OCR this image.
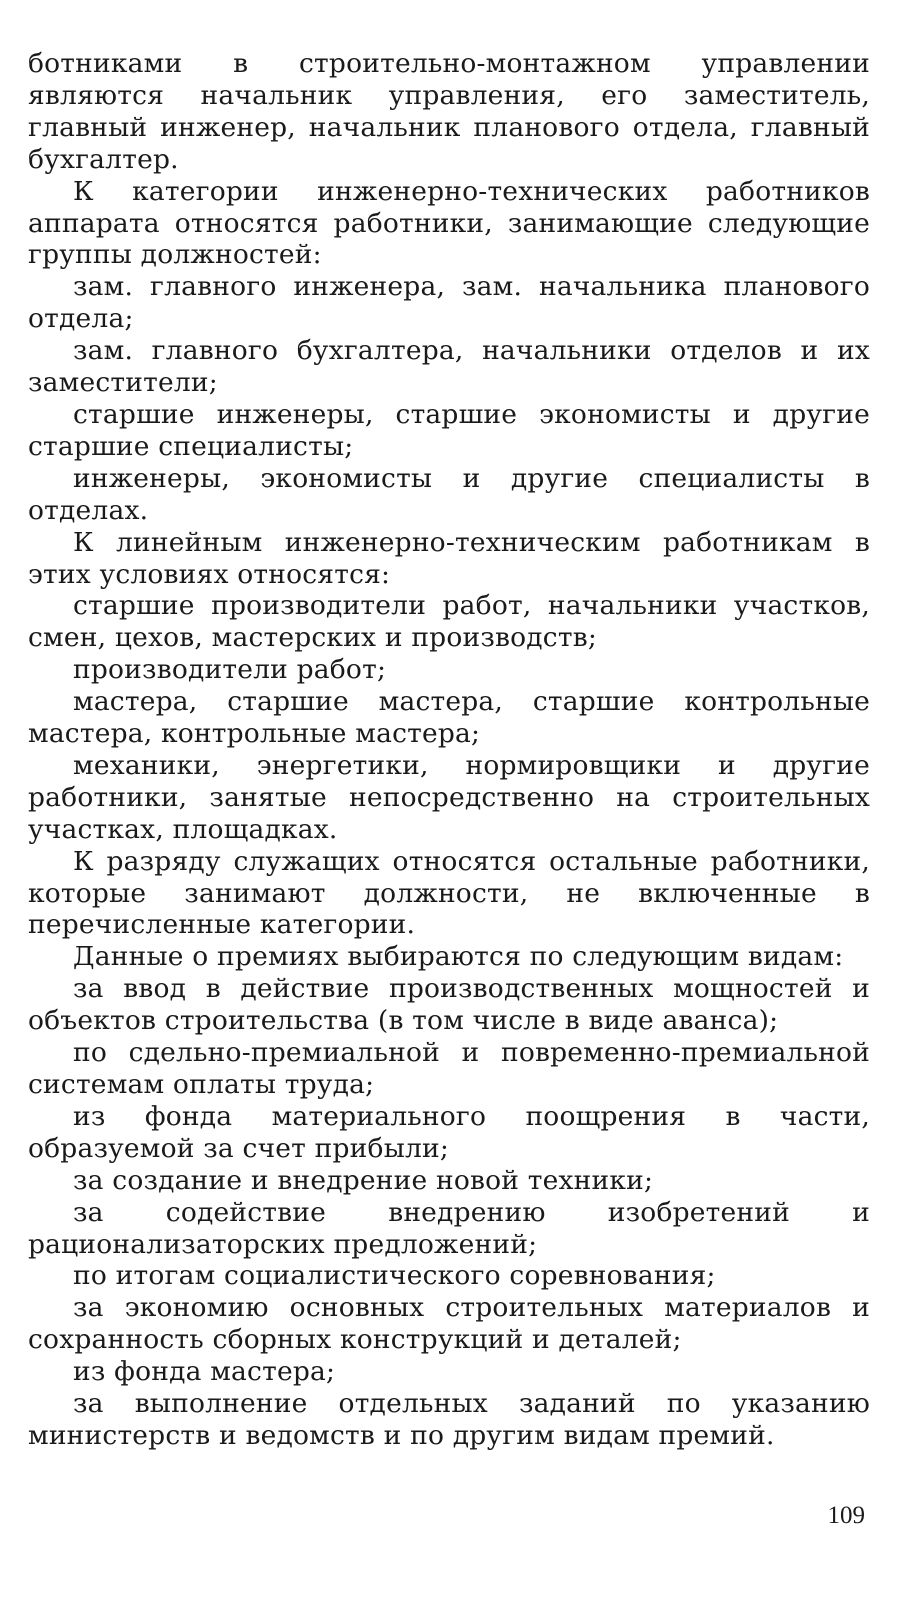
ботниками в строительно-монтажном управлении являются начальник управления, его заместитель, главный инженер, начальник планового отдела, главный бухгалтер.

К категории инженерно-технических работников аппарата относятся работники, занимающие следующие группы должностей:

зам. главного инженера, зам. начальника планового отдела;

зам. главного бухгалтера, начальники отделов и их заместители;

старшие инженеры, старшие экономисты и другие старшие специалисты;

инженеры, экономисты и другие специалисты в отделах.

К линейным инженерно-техническим работникам в этих условиях относятся:

старшие производители работ, начальники участков, смен, цехов, мастерских и производств;

производители работ;

мастера, старшие мастера, старшие контрольные мастера, контрольные мастера;

механики, энергетики, нормировщики и другие работники, занятые непосредственно на строительных участках, площадках.

К разряду служащих относятся остальные работники, которые занимают должности, не включенные в перечисленные категории.

Данные о премиях выбираются по следующим видам:

за ввод в действие производственных мощностей и объектов строительства (в том числе в виде аванса);

по сдельно-премиальной и повременно-премиальной системам оплаты труда;

из фонда материального поощрения в части, образуемой за счет прибыли;

за создание и внедрение новой техники;

за содействие внедрению изобретений и рационализаторских предложений;

по итогам социалистического соревнования;

за экономию основных строительных материалов и сохранность сборных конструкций и деталей;

из фонда мастера;

за выполнение отдельных заданий по указанию министерств и ведомств и по другим видам премий.

109
